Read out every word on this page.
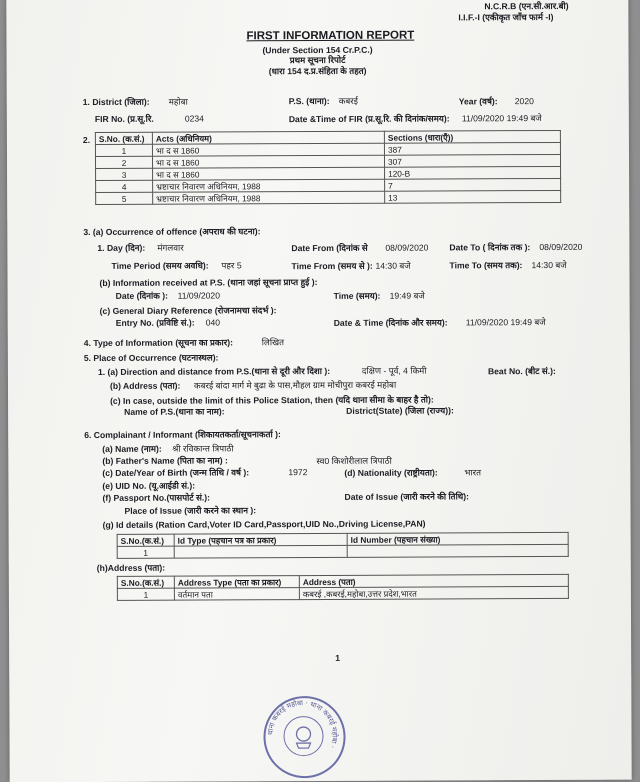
N.C.R.B (एन.सी.आर.बी)
I.I.F.-I (एकीकृत जाँच फार्म -I)
FIRST INFORMATION REPORT
(Under Section 154 Cr.P.C.)
प्रथम सूचना रिपोर्ट
(धारा 154 द.प्र.संहिता के तहत)
1. District (जिला): महोबा	P.S. (थाना): कबरई	Year (वर्ष): 2020
FIR No. (प्र.सू.रि.	0234	Date &Time of FIR (प्र.सू.रि. की दिनांक/समय): 11/09/2020 19:49 बजे
2. S.No. (क.सं.)	Acts (अधिनियम)	Sections (धारा(एँ))
1	भा द स 1860	387
2	भा द स 1860	307
3	भा द स 1860	120-B
4	भ्रष्टाचार निवारण अधिनियम, 1988	7
5	भ्रष्टाचार निवारण अधिनियम, 1988	13
3. (a) Occurrence of offence (अपराध की घटना):
1. Day (दिन): मंगलवार	Date From (दिनांक से 08/09/2020 Date To ( दिनांक तक ): 08/09/2020
Time Period (समय अवधि): पहर 5	Time From (समय से ): 14:30 बजे	Time To (समय तक): 14:30 बजे
(b) Information received at P.S. (थाना जहां सूचना प्राप्त हुई ):
Date (दिनांक ): 11/09/2020	Time (समय): 19:49 बजे
(c) General Diary Reference (रोजनामचा संदर्भ ):
Entry No. (प्रविष्टि सं.): 040	Date & Time (दिनांक और समय): 11/09/2020 19:49 बजे
4. Type of Information (सूचना का प्रकार):	लिखित
5. Place of Occurrence (घटनास्थल):
1. (a) Direction and distance from P.S.(थाना से दूरी और दिशा ):	दक्षिण - पूर्व, 4 किमी	Beat No. (बीट सं.):
(b) Address (पता): कबरई बांदा मार्ग मे बुढा के पास,मौहल ग्राम मोचीपुरा कबरई महोबा
(c) In case, outside the limit of this Police Station, then (यदि थाना सीमा के बाहर है तो):
Name of P.S.(थाना का नाम):	District(State) (जिला (राज्य)):
6. Complainant / Informant (शिकायतकर्ता/सूचनाकर्ता ):
(a) Name (नाम): श्री रविकान्त त्रिपाठी
(b) Father's Name (पिता का नाम) :	स्व0 किशोरीलाल त्रिपाठी
(c) Date/Year of Birth (जन्म तिथि / वर्ष ):	1972	(d) Nationality (राष्ट्रीयता):	भारत
(e) UID No. (यू.आईडी सं.):
(f) Passport No.(पासपोर्ट सं.):	Date of Issue (जारी करने की तिथि):
Place of Issue (जारी करने का स्थान ):
(g) Id details (Ration Card,Voter ID Card,Passport,UID No.,Driving License,PAN)
S.No.(क.सं.)	Id Type (पहचान पत्र का प्रकार)	Id Number (पहचान संख्या)
1		
(h)Address (पता):
S.No.(क.सं.)	Address Type (पता का प्रकार)	Address (पता)
1	वर्तमान पता	कबरई ,कबरई,महोबा,उत्तर प्रदेश,भारत
1
थाना कबरई महोबा · थाना कबरई महोबा ·
